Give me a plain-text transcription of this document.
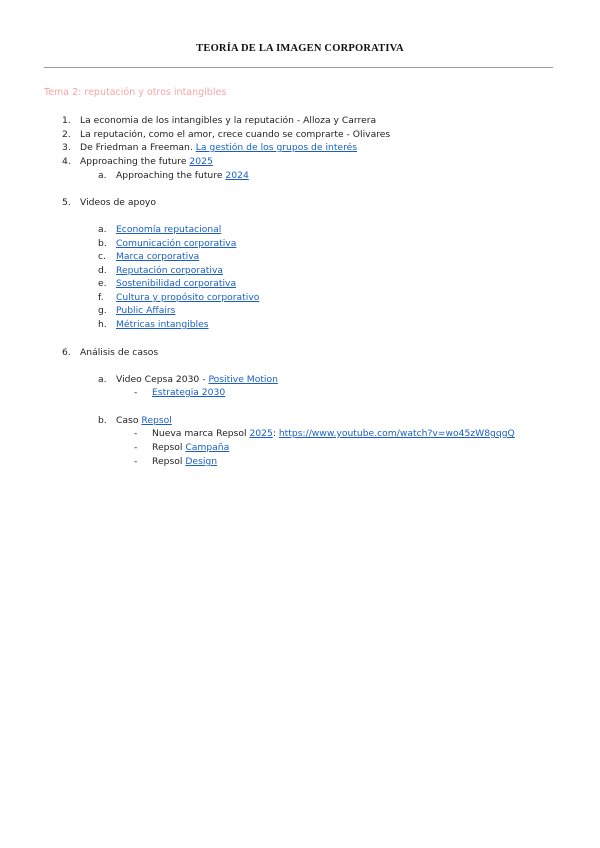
TEORÍA DE LA IMAGEN CORPORATIVA
Tema 2: reputación y otros intangibles
1. La economia de los intangibles y la reputación - Alloza y Carrera
2. La reputación, como el amor, crece cuando se comprarte - Olivares
3. De Friedman a Freeman. La gestión de los grupos de interés
4. Approaching the future 2025
a. Approaching the future 2024
5. Videos de apoyo
a. Economía reputacional
b. Comunicación corporativa
c. Marca corporativa
d. Reputación corporativa
e. Sostenibilidad corporativa
f. Cultura y propósito corporativo
g. Public Affairs
h. Métricas intangibles
6. Análisis de casos
a. Video Cepsa 2030 - Positive Motion
- Estrategia 2030
b. Caso Repsol
- Nueva marca Repsol 2025: https://www.youtube.com/watch?v=wo45zW8gqgQ
- Repsol Campaña
- Repsol Design
